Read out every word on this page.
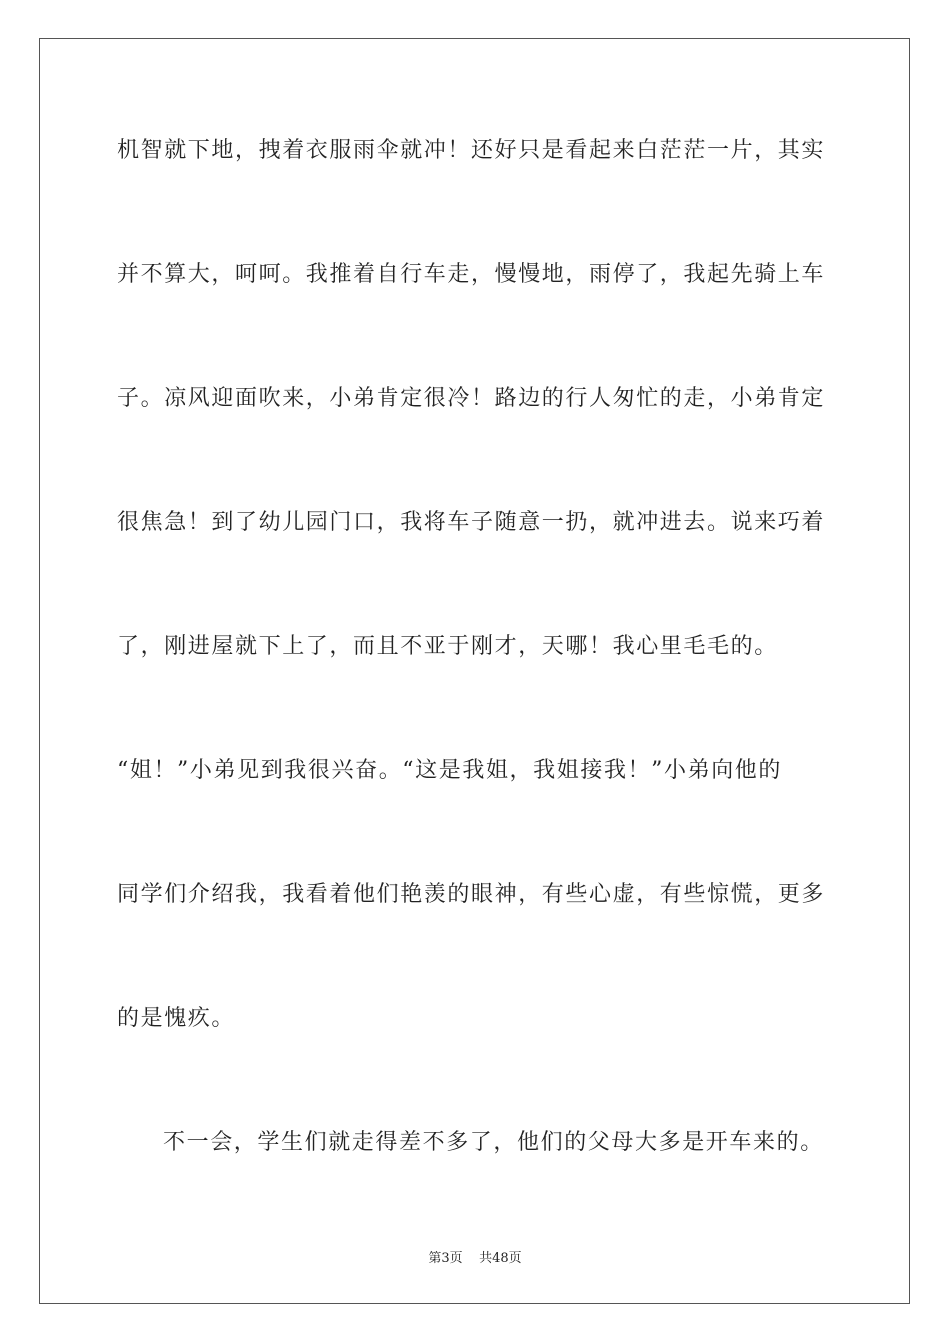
机智就下地，拽着衣服雨伞就冲！还好只是看起来白茫茫一片，其实
并不算大，呵呵。我推着自行车走，慢慢地，雨停了，我起先骑上车
子。凉风迎面吹来，小弟肯定很冷！路边的行人匆忙的走，小弟肯定
很焦急！到了幼儿园门口，我将车子随意一扔，就冲进去。说来巧着
了，刚进屋就下上了，而且不亚于刚才，天哪！我心里毛毛的。
“姐！”小弟见到我很兴奋。“这是我姐，我姐接我！”小弟向他的
同学们介绍我，我看着他们艳羡的眼神，有些心虚，有些惊慌，更多
的是愧疚。
不一会，学生们就走得差不多了，他们的父母大多是开车来的。
第3页 共48页
